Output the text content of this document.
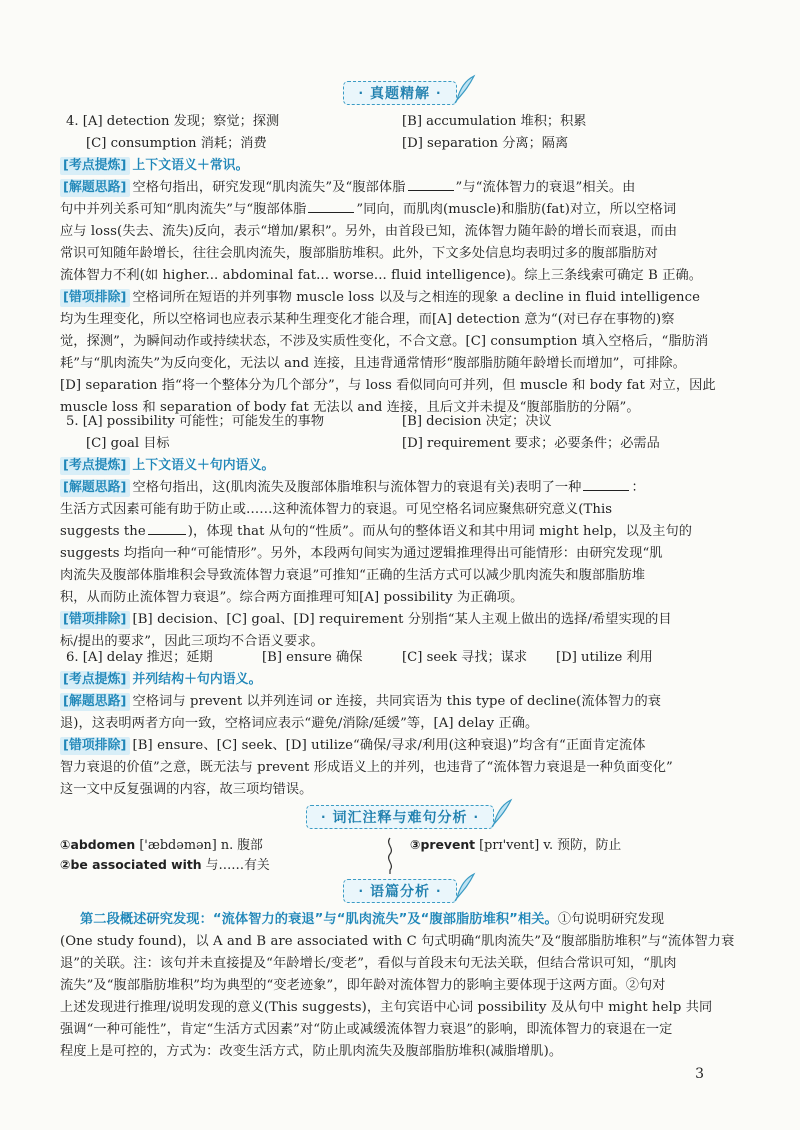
· 真题精解 ·
4. [A] detection 发现；察觉；探测	[B] accumulation 堆积；积累
[C] consumption 消耗；消费	[D] separation 分离；隔离
[考点提炼] 上下文语义＋常识。
[解题思路] 空格句指出，研究发现“肌肉流失”及“腹部体脂	”与“流体智力的衰退”相关。由
句中并列关系可知“肌肉流失”与“腹部体脂	”同向，而肌肉(muscle)和脂肪(fat)对立，所以空格词
应与 loss(失去、流失)反向，表示“增加/累积”。另外，由首段已知，流体智力随年龄的增长而衰退，而由
常识可知随年龄增长，往往会肌肉流失，腹部脂肪堆积。此外，下文多处信息均表明过多的腹部脂肪对
流体智力不利(如 higher... abdominal fat... worse... fluid intelligence)。综上三条线索可确定 B 正确。
[错项排除] 空格词所在短语的并列事物 muscle loss 以及与之相连的现象 a decline in fluid intelligence
均为生理变化，所以空格词也应表示某种生理变化才能合理，而[A] detection 意为“(对已存在事物的)察
觉，探测”，为瞬间动作或持续状态，不涉及实质性变化，不合文意。[C] consumption 填入空格后，“脂肪消
耗”与“肌肉流失”为反向变化，无法以 and 连接，且违背通常情形“腹部脂肪随年龄增长而增加”，可排除。
[D] separation 指“将一个整体分为几个部分”，与 loss 看似同向可并列，但 muscle 和 body fat 对立，因此
muscle loss 和 separation of body fat 无法以 and 连接，且后文并未提及“腹部脂肪的分隔”。
5. [A] possibility 可能性；可能发生的事物	[B] decision 决定；决议
[C] goal 目标	[D] requirement 要求；必要条件；必需品
[考点提炼] 上下文语义＋句内语义。
[解题思路] 空格句指出，这(肌肉流失及腹部体脂堆积与流体智力的衰退有关)表明了一种	：
生活方式因素可能有助于防止或……这种流体智力的衰退。可见空格名词应聚焦研究意义(This
suggests the	)，体现 that 从句的“性质”。而从句的整体语义和其中用词 might help，以及主句的
suggests 均指向一种“可能情形”。另外，本段两句间实为通过逻辑推理得出可能情形：由研究发现“肌
肉流失及腹部体脂堆积会导致流体智力衰退”可推知“正确的生活方式可以减少肌肉流失和腹部脂肪堆
积，从而防止流体智力衰退”。综合两方面推理可知[A] possibility 为正确项。
[错项排除] [B] decision、[C] goal、[D] requirement 分别指“某人主观上做出的选择/希望实现的目
标/提出的要求”，因此三项均不合语义要求。
6. [A] delay 推迟；延期	[B] ensure 确保	[C] seek 寻找；谋求 [D] utilize 利用
[考点提炼] 并列结构＋句内语义。
[解题思路] 空格词与 prevent 以并列连词 or 连接，共同宾语为 this type of decline(流体智力的衰
退)，这表明两者方向一致，空格词应表示“避免/消除/延缓”等，[A] delay 正确。
[错项排除] [B] ensure、[C] seek、[D] utilize“确保/寻求/利用(这种衰退)”均含有“正面肯定流体
智力衰退的价值”之意，既无法与 prevent 形成语义上的并列，也违背了“流体智力衰退是一种负面变化”
这一文中反复强调的内容，故三项均错误。
· 词汇注释与难句分析 ·
①abdomen ['æbdəmən] n. 腹部
②be associated with 与……有关
③prevent [prɪ'vent] v. 预防，防止
· 语篇分析 ·
第二段概述研究发现：“流体智力的衰退”与“肌肉流失”及“腹部脂肪堆积”相关。①句说明研究发现
(One study found)，以 A and B are associated with C 句式明确“肌肉流失”及“腹部脂肪堆积”与“流体智力衰
退”的关联。注：该句并未直接提及“年龄增长/变老”，看似与首段末句无法关联，但结合常识可知，“肌肉
流失”及“腹部脂肪堆积”均为典型的“变老迹象”，即年龄对流体智力的影响主要体现于这两方面。②句对
上述发现进行推理/说明发现的意义(This suggests)，主句宾语中心词 possibility 及从句中 might help 共同
强调“一种可能性”，肯定“生活方式因素”对“防止或减缓流体智力衰退”的影响，即流体智力的衰退在一定
程度上是可控的，方式为：改变生活方式，防止肌肉流失及腹部脂肪堆积(减脂增肌)。
3
